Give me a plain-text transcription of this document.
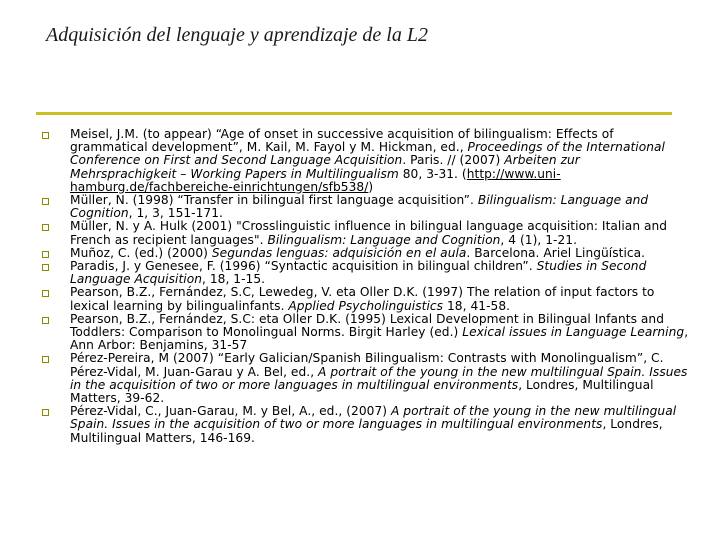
Adquisición del lenguaje y aprendizaje de la L2
Meisel, J.M. (to appear) “Age of onset in successive acquisition of bilingualism: Effects of grammatical development”, M. Kail, M. Fayol y M. Hickman, ed., Proceedings of the International Conference on First and Second Language Acquisition. Paris. // (2007) Arbeiten zur Mehrsprachigkeit – Working Papers in Multilingualism 80, 3-31. (http://www.uni-hamburg.de/fachbereiche-einrichtungen/sfb538/)
Müller, N. (1998) “Transfer in bilingual first language acquisition”. Bilingualism: Language and Cognition, 1, 3, 151-171.
Müller, N. y A. Hulk (2001) "Crosslinguistic influence in bilingual language acquisition: Italian and French as recipient languages". Bilingualism: Language and Cognition, 4 (1), 1-21.
Muñoz, C. (ed.) (2000) Segundas lenguas: adquisición en el aula. Barcelona. Ariel Lingüística.
Paradis, J. y Genesee, F. (1996) “Syntactic acquisition in bilingual children”. Studies in Second Language Acquisition, 18, 1-15.
Pearson, B.Z., Fernández, S.C, Lewedeg, V. eta Oller D.K. (1997) The relation of input factors to lexical learning by bilingualinfants. Applied Psycholinguistics 18, 41-58.
Pearson, B.Z., Fernández, S.C: eta Oller D.K. (1995) Lexical Development in Bilingual Infants and Toddlers: Comparison to Monolingual Norms. Birgit Harley (ed.) Lexical issues in Language Learning, Ann Arbor: Benjamins, 31-57
Pérez-Pereira, M (2007) “Early Galician/Spanish Bilingualism: Contrasts with Monolingualism”, C. Pérez-Vidal, M. Juan-Garau y A. Bel, ed., A portrait of the young in the new multilingual Spain. Issues in the acquisition of two or more languages in multilingual environments, Londres, Multilingual Matters, 39-62.
Pérez-Vidal, C., Juan-Garau, M. y Bel, A., ed., (2007) A portrait of the young in the new multilingual Spain. Issues in the acquisition of two or more languages in multilingual environments, Londres, Multilingual Matters, 146-169.
